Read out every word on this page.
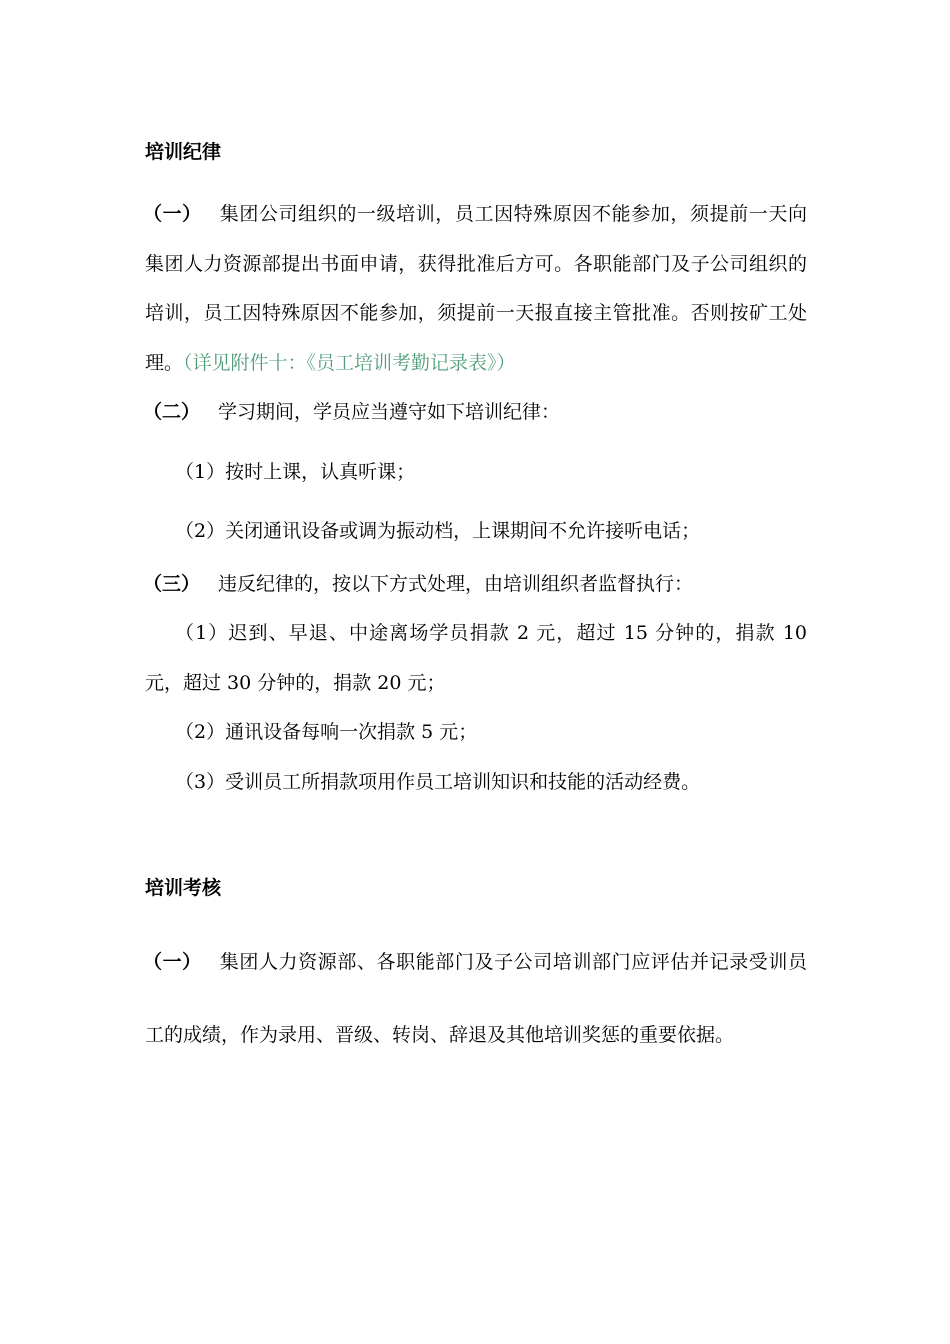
培训纪律
（一） 集团公司组织的一级培训，员工因特殊原因不能参加，须提前一天向集团人力资源部提出书面申请，获得批准后方可。各职能部门及子公司组织的培训，员工因特殊原因不能参加，须提前一天报直接主管批准。否则按矿工处理。（详见附件十：《员工培训考勤记录表》）
（二） 学习期间，学员应当遵守如下培训纪律：
（1）按时上课，认真听课；
（2）关闭通讯设备或调为振动档，上课期间不允许接听电话；
（三） 违反纪律的，按以下方式处理，由培训组织者监督执行：
（1）迟到、早退、中途离场学员捐款 2 元，超过 15 分钟的，捐款 10 元，超过 30 分钟的，捐款 20 元；
（2）通讯设备每响一次捐款 5 元；
（3）受训员工所捐款项用作员工培训知识和技能的活动经费。
培训考核
（一） 集团人力资源部、各职能部门及子公司培训部门应评估并记录受训员工的成绩，作为录用、晋级、转岗、辞退及其他培训奖惩的重要依据。
